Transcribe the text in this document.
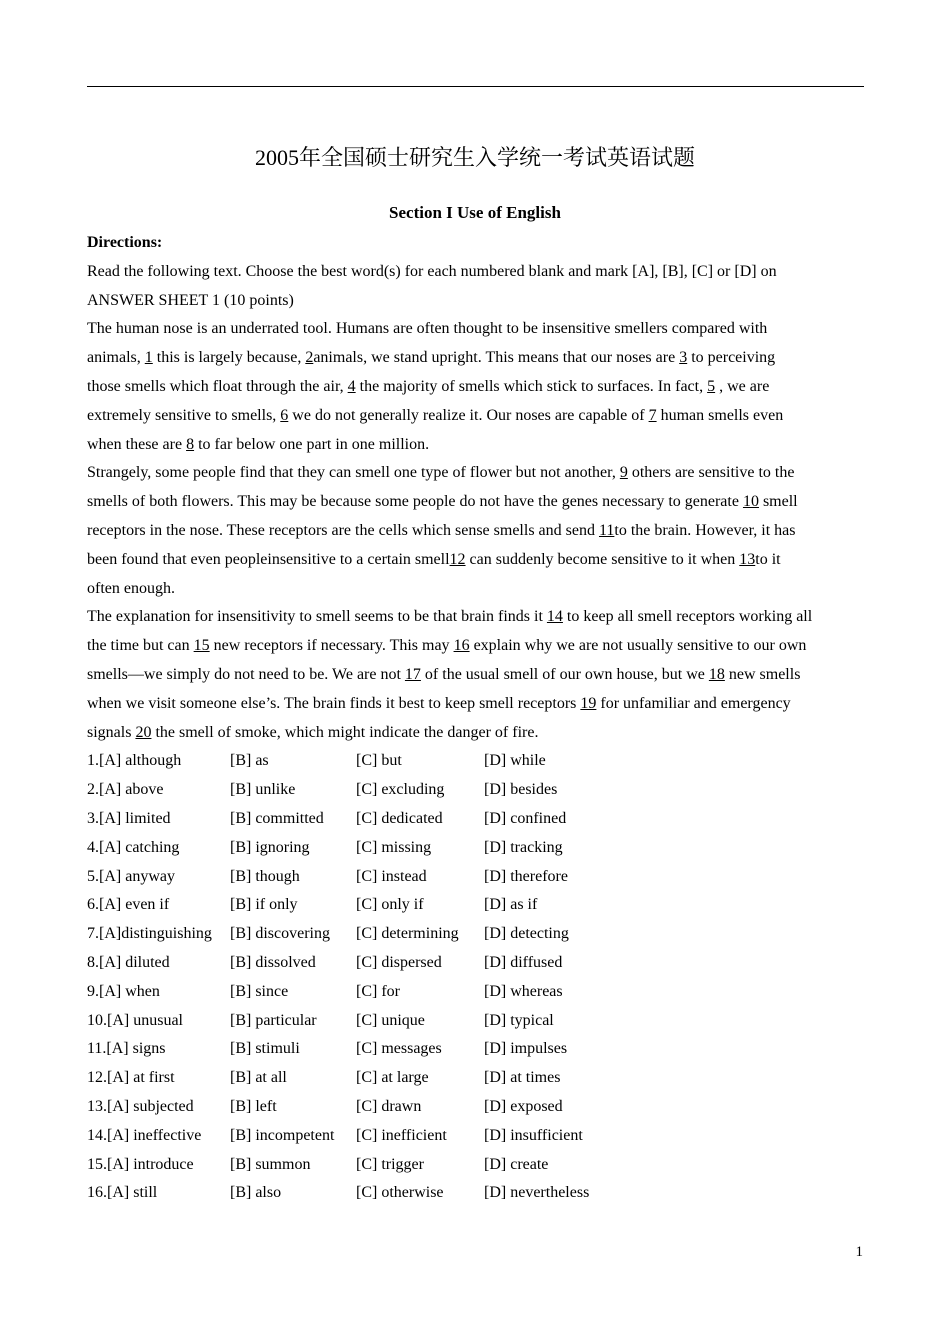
2005年全国硕士研究生入学统一考试英语试题
Section I Use of English
Directions:
Read the following text. Choose the best word(s) for each numbered blank and mark [A], [B], [C] or [D] on
ANSWER SHEET 1 (10 points)
The human nose is an underrated tool. Humans are often thought to be insensitive smellers compared with
animals, 1 this is largely because, 2animals, we stand upright. This means that our noses are 3 to perceiving
those smells which float through the air, 4 the majority of smells which stick to surfaces. In fact, 5 , we are
extremely sensitive to smells, 6 we do not generally realize it. Our noses are capable of 7 human smells even
when these are 8 to far below one part in one million.
Strangely, some people find that they can smell one type of flower but not another, 9 others are sensitive to the
smells of both flowers. This may be because some people do not have the genes necessary to generate 10 smell
receptors in the nose. These receptors are the cells which sense smells and send 11to the brain. However, it has
been found that even peopleinsensitive to a certain smell12 can suddenly become sensitive to it when 13to it
often enough.
The explanation for insensitivity to smell seems to be that brain finds it 14 to keep all smell receptors working all
the time but can 15 new receptors if necessary. This may 16 explain why we are not usually sensitive to our own
smells—we simply do not need to be. We are not 17 of the usual smell of our own house, but we 18 new smells
when we visit someone else’s. The brain finds it best to keep smell receptors 19 for unfamiliar and emergency
signals 20 the smell of smoke, which might indicate the danger of fire.
1.[A] although	[B] as	[C] but	[D] while
2.[A] above	[B] unlike	[C] excluding	[D] besides
3.[A] limited	[B] committed	[C] dedicated	[D] confined
4.[A] catching	[B] ignoring	[C] missing	[D] tracking
5.[A] anyway	[B] though	[C] instead	[D] therefore
6.[A] even if	[B] if only	[C] only if	[D] as if
7.[A]distinguishing	[B] discovering	[C] determining	[D] detecting
8.[A] diluted	[B] dissolved	[C] dispersed	[D] diffused
9.[A] when	[B] since	[C] for	[D] whereas
10.[A] unusual	[B] particular	[C] unique	[D] typical
11.[A] signs	[B] stimuli	[C] messages	[D] impulses
12.[A] at first	[B] at all	[C] at large	[D] at times
13.[A] subjected	[B] left	[C] drawn	[D] exposed
14.[A] ineffective	[B] incompetent	[C] inefficient	[D] insufficient
15.[A] introduce	[B] summon	[C] trigger	[D] create
16.[A] still	[B] also	[C] otherwise	[D] nevertheless
1
